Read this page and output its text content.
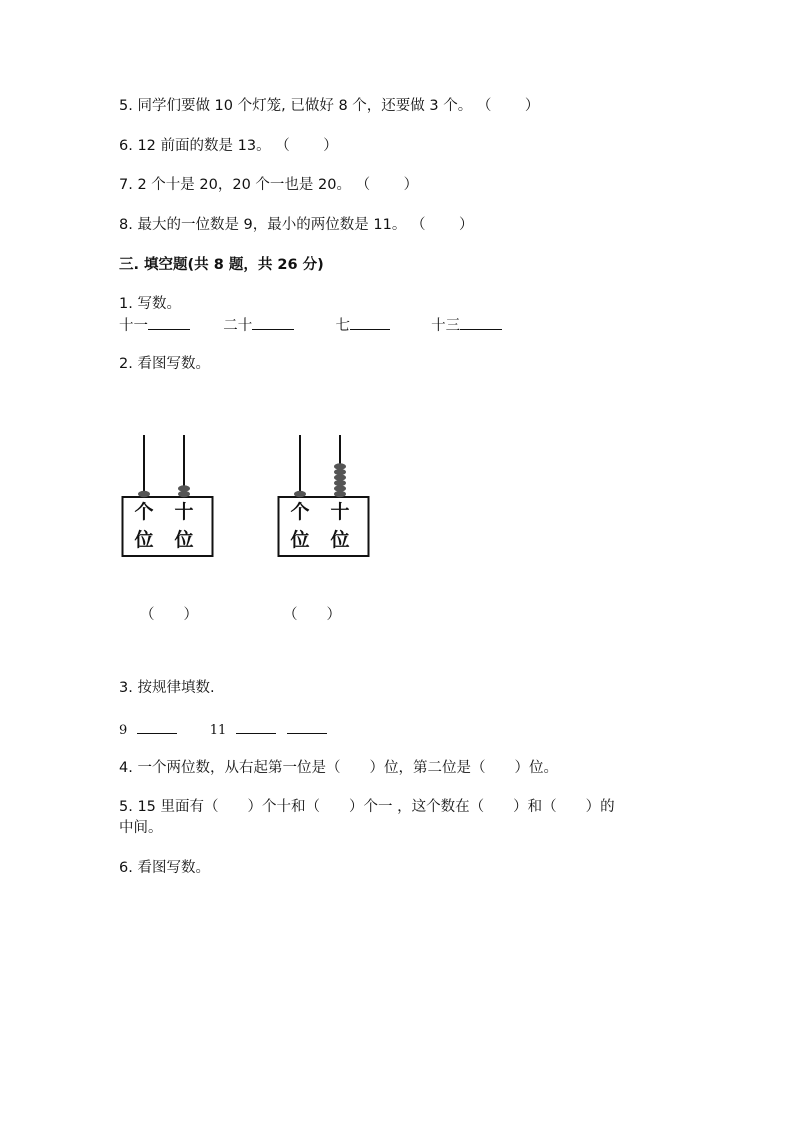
5. 同学们要做 10 个灯笼, 已做好 8 个，还要做 3 个。 （　　 ）
6. 12 前面的数是 13。 （　　 ）
7. 2 个十是 20，20 个一也是 20。 （　　 ）
8. 最大的一位数是 9，最小的两位数是 11。 （　　 ）
三. 填空题(共 8 题，共 26 分)
1. 写数。
十一	二十	七	十三
2. 看图写数。
个
位
十
位
个
位
十
位
（　　）	（　　）
3. 按规律填数.
9	11
4. 一个两位数，从右起第一位是（　　）位，第二位是（　　）位。
5. 15 里面有（　　）个十和（　　）个一 ，这个数在（　　）和（　　）的
中间。
6. 看图写数。
